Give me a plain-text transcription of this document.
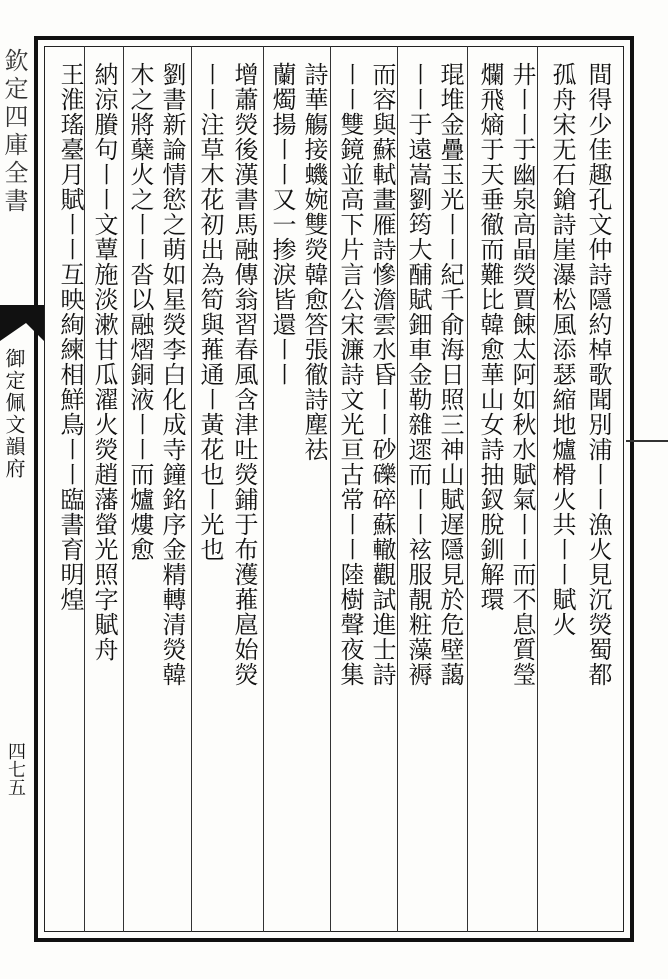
欽定四庫全書
御定佩文韻府
四七五
間得少佳趣孔文仲詩隱約棹歌聞別浦〡〡漁火見沉熒蜀都
孤舟宋无石鎗詩崖瀑松風添瑟縮地爐榾火共〡〡賦火
井〡〡于幽泉高晶熒賈餗太阿如秋水賦氣〡〡而不息質瑩
爛飛熵于天垂徹而難比韓愈華山女詩抽釵脫釧解環
琨堆金疊玉光〡〡紀千俞海日照三神山賦遅隱見於危壁藹
〡〡于遠嵩劉筠大酺賦鈿車金勒雜遝而〡〡袨服靚粧藻褥
而容與蘇軾畫雁詩慘澹雲水昏〡〡砂礫碎蘇轍觀試進士詩
〡〡雙鏡並高下片言公宋濂詩文光亘古常〡〡陸樹聲夜集
詩華觴接蟣婉雙熒韓愈答張徹詩塵祛
蘭燭揚〡〡又一掺淚皆還〡〡
增蕭熒後漢書馬融傳翁習春風含津吐熒鋪于布濩蓷扈始熒
〡〡注草木花初出為筍與蓷通〡黃花也〡光也
劉書新論情慾之萌如星熒李白化成寺鐘銘序金精轉清熒韓
木之將蘖火之〡〡沓以融熠銅液〡〡而爐熡愈
納涼賸句〡〡文蕈施淡漱甘瓜濯火熒趙藩螢光照字賦舟
王淮瑤臺月賦〡〡互映絢練相鮮鳥〡〡臨書育明煌
